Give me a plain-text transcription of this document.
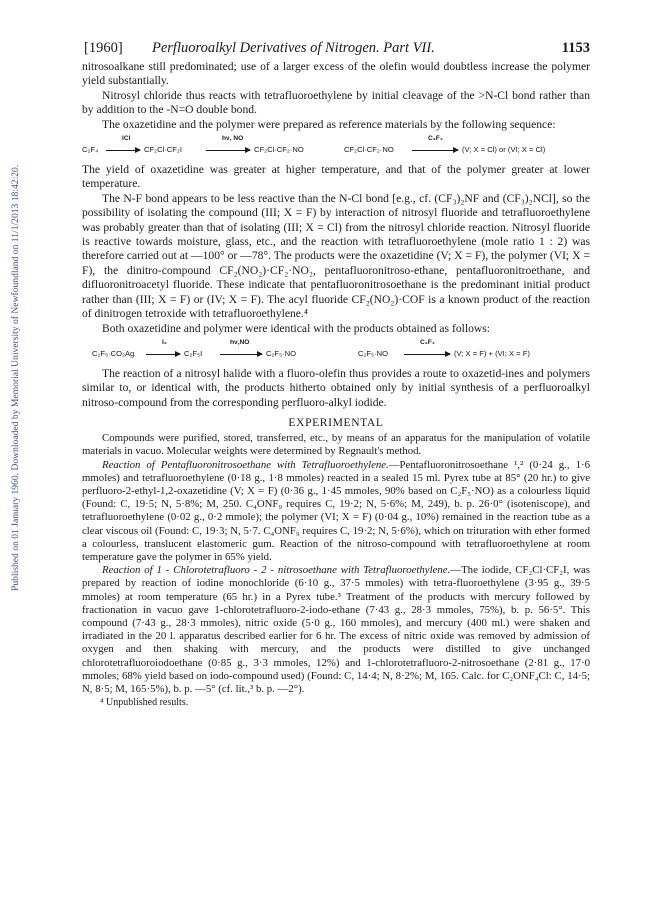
Published on 01 January 1960. Downloaded by Memorial University of Newfoundland on 11/1/2013 18:42:20.
[1960] Perfluoroalkyl Derivatives of Nitrogen. Part VII.	1153

nitrosoalkane still predominated; use of a larger excess of the olefin would doubtless increase the polymer yield substantially.

Nitrosyl chloride thus reacts with tetrafluoroethylene by initial cleavage of the >N-Cl bond rather than by addition to the -N=O double bond.

The oxazetidine and the polymer were prepared as reference materials by the following sequence:

C₂F₄
ICl
CF₂Cl·CF₂I
hν, NO
CF₂Cl·CF₂·NO	CF₂Cl·CF₂·NO
C₂F₄
(V; X = Cl) or (VI; X = Cl)

The yield of oxazetidine was greater at higher temperature, and that of the polymer greater at lower temperature.

The N-F bond appears to be less reactive than the N-Cl bond [e.g., cf. (CF₃)₂NF and (CF₃)₂NCl], so the possibility of isolating the compound (III; X = F) by interaction of nitrosyl fluoride and tetrafluoroethylene was probably greater than that of isolating (III; X = Cl) from the nitrosyl chloride reaction. Nitrosyl fluoride is reactive towards moisture, glass, etc., and the reaction with tetrafluoroethylene (mole ratio 1 : 2) was therefore carried out at —100° or —78°. The products were the oxazetidine (V; X = F), the polymer (VI; X = F), the dinitro-compound CF₂(NO₂)·CF₂·NO₂, pentafluoronitroso-ethane, pentafluoronitroethane, and difluoronitroacetyl fluoride. These indicate that pentafluoronitrosoethane is the predominant initial product rather than (III; X = F) or (IV; X = F). The acyl fluoride CF₂(NO₂)·COF is a known product of the reaction of dinitrogen tetroxide with tetrafluoroethylene.⁴

Both oxazetidine and polymer were identical with the products obtained as follows:

C₂F₅·CO₂Ag
I₂
C₂F₅I
hν,NO
C₂F₅·NO	C₂F₅·NO
C₂F₄
(V; X = F) + (VI; X = F)

The reaction of a nitrosyl halide with a fluoro-olefin thus provides a route to oxazetid-ines and polymers similar to, or identical with, the products hitherto obtained only by initial synthesis of a perfluoroalkyl nitroso-compound from the corresponding perfluoro-alkyl iodide.

EXPERIMENTAL

Compounds were purified, stored, transferred, etc., by means of an apparatus for the manipulation of volatile materials in vacuo. Molecular weights were determined by Regnault's method.

Reaction of Pentafluoronitrosoethane with Tetrafluoroethylene.—Pentafluoronitrosoethane ¹,² (0·24 g., 1·6 mmoles) and tetrafluoroethylene (0·18 g., 1·8 mmoles) reacted in a sealed 15 ml. Pyrex tube at 85° (20 hr.) to give perfluoro-2-ethyl-1,2-oxazetidine (V; X = F) (0·36 g., 1·45 mmoles, 90% based on C₂F₅·NO) as a colourless liquid (Found: C, 19·5; N, 5·8%; M, 250. C₄ONF₉ requires C, 19·2; N, 5·6%; M, 249), b. p. 26·0° (isoteniscope), and tetrafluoroethylene (0·02 g., 0·2 mmole); the polymer (VI; X = F) (0·04 g., 10%) remained in the reaction tube as a clear viscous oil (Found: C, 19·3; N, 5·7. C₄ONF₉ requires C, 19·2; N, 5·6%), which on trituration with ether formed a colourless, translucent elastomeric gum. Reaction of the nitroso-compound with tetrafluoroethylene at room temperature gave the polymer in 65% yield.

Reaction of 1 - Chlorotetrafluoro - 2 - nitrosoethane with Tetrafluoroethylene.—The iodide, CF₂Cl·CF₂I, was prepared by reaction of iodine monochloride (6·10 g., 37·5 mmoles) with tetra-fluoroethylene (3·95 g., 39·5 mmoles) at room temperature (65 hr.) in a Pyrex tube.³ Treatment of the products with mercury followed by fractionation in vacuo gave 1-chlorotetrafluoro-2-iodo-ethane (7·43 g., 28·3 mmoles, 75%), b. p. 56·5°. This compound (7·43 g., 28·3 mmoles), nitric oxide (5·0 g., 160 mmoles), and mercury (400 ml.) were shaken and irradiated in the 20 l. apparatus described earlier for 6 hr. The excess of nitric oxide was removed by admission of oxygen and then shaking with mercury, and the products were distilled to give unchanged chlorotetrafluoroiodoethane (0·85 g., 3·3 mmoles, 12%) and 1-chlorotetrafluoro-2-nitrosoethane (2·81 g., 17·0 mmoles; 68% yield based on iodo-compound used) (Found: C, 14·4; N, 8·2%; M, 165. Calc. for C₂ONF₄Cl: C, 14·5; N, 8·5; M, 165·5%), b. p. —5° (cf. lit.,³ b. p. —2°).

⁴ Unpublished results.
